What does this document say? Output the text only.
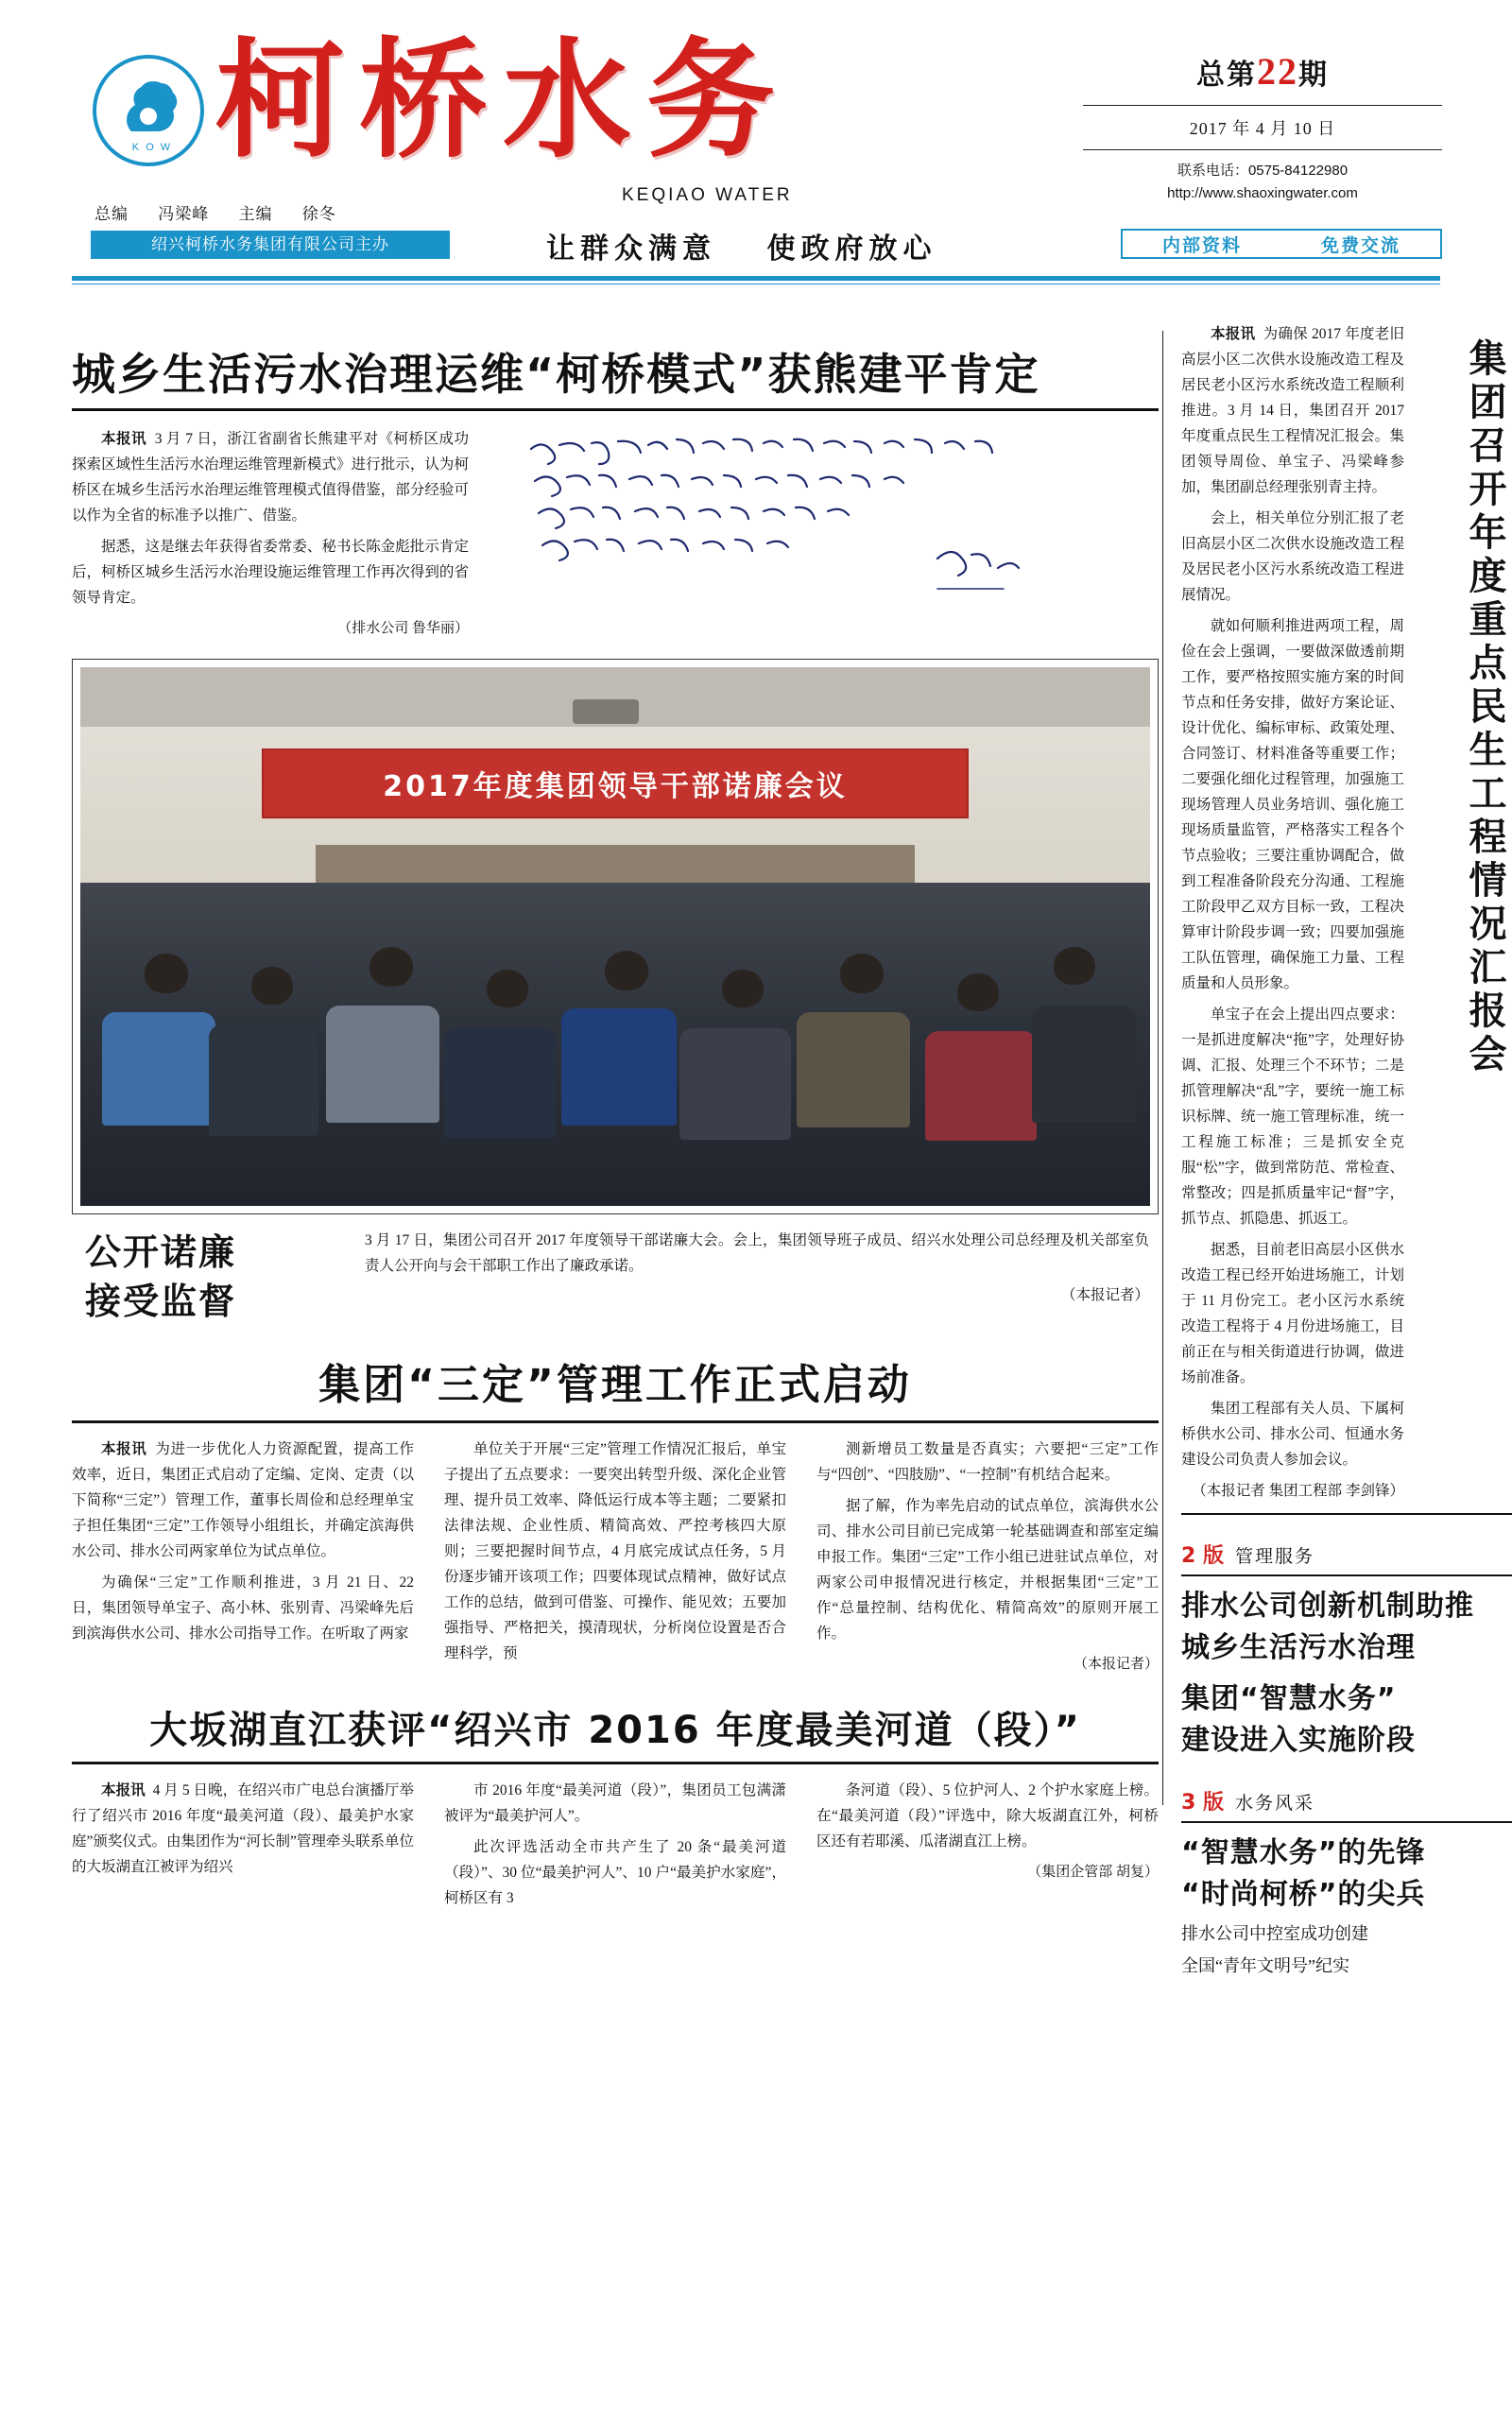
K O W 柯桥水务
KEQIAO WATER
总第22期
2017 年 4 月 10 日
联系电话：0575-84122980
http://www.shaoxingwater.com
总编 冯梁峰 主编 徐冬
绍兴柯桥水务集团有限公司主办	让群众满意 使政府放心	内部资料	免费交流
城乡生活污水治理运维“柯桥模式”获熊建平肯定

本报讯 3 月 7 日，浙江省副省长熊建平对《柯桥区成功探索区域性生活污水治理运维管理新模式》进行批示，认为柯桥区在城乡生活污水治理运维管理模式值得借鉴，部分经验可以作为全省的标准予以推广、借鉴。

据悉，这是继去年获得省委常委、秘书长陈金彪批示肯定后，柯桥区城乡生活污水治理设施运维管理工作再次得到的省领导肯定。

（排水公司 鲁华丽）
2017年度集团领导干部诺廉会议
公开诺廉
接受监督
3 月 17 日，集团公司召开 2017 年度领导干部诺廉大会。会上，集团领导班子成员、绍兴水处理公司总经理及机关部室负责人公开向与会干部职工作出了廉政承诺。
（本报记者）
集团“三定”管理工作正式启动

本报讯 为进一步优化人力资源配置，提高工作效率，近日，集团正式启动了定编、定岗、定责（以下简称“三定”）管理工作，董事长周俭和总经理单宝子担任集团“三定”工作领导小组组长，并确定滨海供水公司、排水公司两家单位为试点单位。

为确保“三定”工作顺利推进，3 月 21 日、22 日，集团领导单宝子、高小林、张别青、冯梁峰先后到滨海供水公司、排水公司指导工作。在听取了两家

单位关于开展“三定”管理工作情况汇报后，单宝子提出了五点要求：一要突出转型升级、深化企业管理、提升员工效率、降低运行成本等主题；二要紧扣法律法规、企业性质、精简高效、严控考核四大原则；三要把握时间节点，4 月底完成试点任务，5 月份逐步铺开该项工作；四要体现试点精神，做好试点工作的总结，做到可借鉴、可操作、能见效；五要加强指导、严格把关，摸清现状，分析岗位设置是否合理科学，预

测新增员工数量是否真实；六要把“三定”工作与“四创”、“四肢励”、“一控制”有机结合起来。

据了解，作为率先启动的试点单位，滨海供水公司、排水公司目前已完成第一轮基础调查和部室定编申报工作。集团“三定”工作小组已进驻试点单位，对两家公司申报情况进行核定，并根据集团“三定”工作“总量控制、结构优化、精简高效”的原则开展工作。

（本报记者）

大坂湖直江获评“绍兴市 2016 年度最美河道（段）”

本报讯 4 月 5 日晚，在绍兴市广电总台演播厅举行了绍兴市 2016 年度“最美河道（段）、最美护水家庭”颁奖仪式。由集团作为“河长制”管理牵头联系单位的大坂湖直江被评为绍兴

市 2016 年度“最美河道（段）”，集团员工包满潇被评为“最美护河人”。

此次评选活动全市共产生了 20 条“最美河道（段）”、30 位“最美护河人”、10 户“最美护水家庭”，柯桥区有 3

条河道（段）、5 位护河人、2 个护水家庭上榜。在“最美河道（段）”评选中，除大坂湖直江外，柯桥区还有若耶溪、瓜渚湖直江上榜。

（集团企管部 胡复）

集团召开年度重点民生工程情况汇报会

本报讯 为确保 2017 年度老旧高层小区二次供水设施改造工程及居民老小区污水系统改造工程顺利推进。3 月 14 日，集团召开 2017 年度重点民生工程情况汇报会。集团领导周俭、单宝子、冯梁峰参加，集团副总经理张别青主持。

会上，相关单位分别汇报了老旧高层小区二次供水设施改造工程及居民老小区污水系统改造工程进展情况。

就如何顺利推进两项工程，周俭在会上强调，一要做深做透前期工作，要严格按照实施方案的时间节点和任务安排，做好方案论证、设计优化、编标审标、政策处理、合同签订、材料准备等重要工作；二要强化细化过程管理，加强施工现场管理人员业务培训、强化施工现场质量监管，严格落实工程各个节点验收；三要注重协调配合，做到工程准备阶段充分沟通、工程施工阶段甲乙双方目标一致，工程决算审计阶段步调一致；四要加强施工队伍管理，确保施工力量、工程质量和人员形象。

单宝子在会上提出四点要求：一是抓进度解决“拖”字，处理好协调、汇报、处理三个不环节；二是抓管理解决“乱”字，要统一施工标识标牌、统一施工管理标准，统一工程施工标准；三是抓安全克服“松”字，做到常防范、常检查、常整改；四是抓质量牢记“督”字，抓节点、抓隐患、抓返工。

据悉，目前老旧高层小区供水改造工程已经开始进场施工，计划于 11 月份完工。老小区污水系统改造工程将于 4 月份进场施工，目前正在与相关街道进行协调，做进场前准备。

集团工程部有关人员、下属柯桥供水公司、排水公司、恒通水务建设公司负责人参加会议。

（本报记者 集团工程部 李剑锋）

2 版 管理服务
排水公司创新机制助推
城乡生活污水治理
集团“智慧水务”
建设进入实施阶段
3 版 水务风采
“智慧水务”的先锋
“时尚柯桥”的尖兵
排水公司中控室成功创建
全国“青年文明号”纪实
